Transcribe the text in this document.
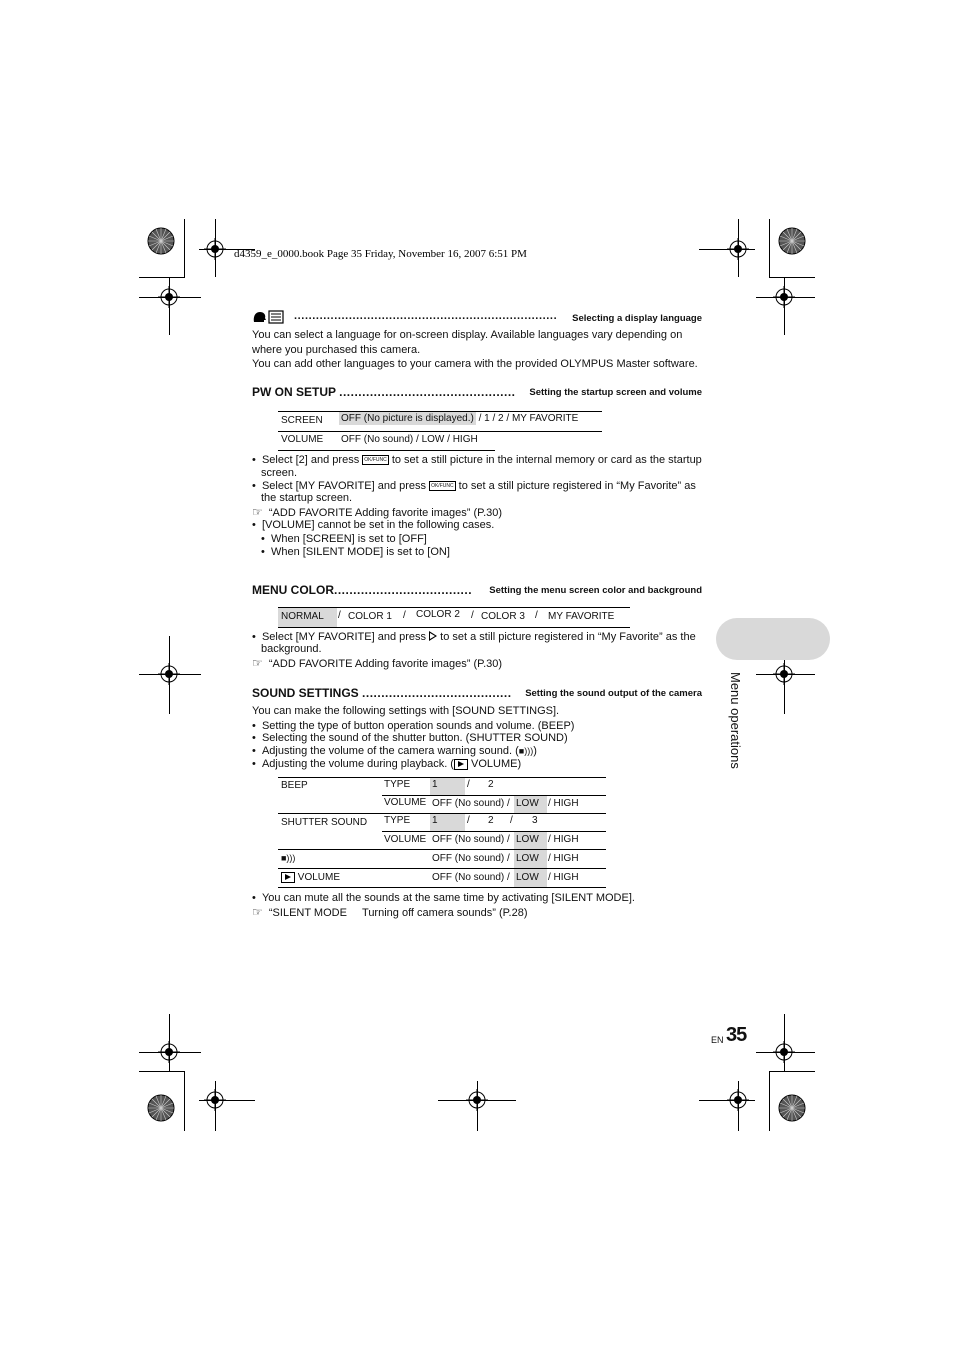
d4359_e_0000.book Page 35 Friday, November 16, 2007 6:51 PM
........................................................................ Selecting a display language
You can select a language for on-screen display. Available languages vary depending on
where you purchased this camera.
You can add other languages to your camera with the provided OLYMPUS Master software.
PW ON SETUP .............................................. Setting the startup screen and volume
SCREEN OFF (No picture is displayed.) / 1 / 2 / MY FAVORITE
VOLUME OFF (No sound) / LOW / HIGH
•  Select [2] and press OK/FUNC to set a still picture in the internal memory or card as the startup
screen.
•  Select [MY FAVORITE] and press OK/FUNC to set a still picture registered in “My Favorite” as
the startup screen.
☞ “ADD FAVORITE Adding favorite images” (P.30)
•  [VOLUME] cannot be set in the following cases.
•  When [SCREEN] is set to [OFF]
•  When [SILENT MODE] is set to [ON]
MENU COLOR.................................... Setting the menu screen color and background
NORMAL / COLOR 1 / COLOR 2 / COLOR 3 / MY FAVORITE
•  Select [MY FAVORITE] and press to set a still picture registered in “My Favorite” as the
background.
☞ “ADD FAVORITE Adding favorite images” (P.30)
SOUND SETTINGS ....................................... Setting the sound output of the camera
You can make the following settings with [SOUND SETTINGS].
•  Setting the type of button operation sounds and volume. (BEEP)
•  Selecting the sound of the shutter button. (SHUTTER SOUND)
•  Adjusting the volume of the camera warning sound. (■))))
•  Adjusting the volume during playback. (
VOLUME)
BEEP	TYPE 1	/ 2
VOLUME OFF (No sound) / LOW / HIGH
SHUTTER SOUND TYPE 1	/ 2 / 3
VOLUME OFF (No sound) / LOW / HIGH
■)))	OFF (No sound) / LOW / HIGH
VOLUME	OFF (No sound) / LOW / HIGH
•  You can mute all the sounds at the same time by activating [SILENT MODE].
☞ “SILENT MODE     Turning off camera sounds” (P.28)
Menu operations
EN 35
